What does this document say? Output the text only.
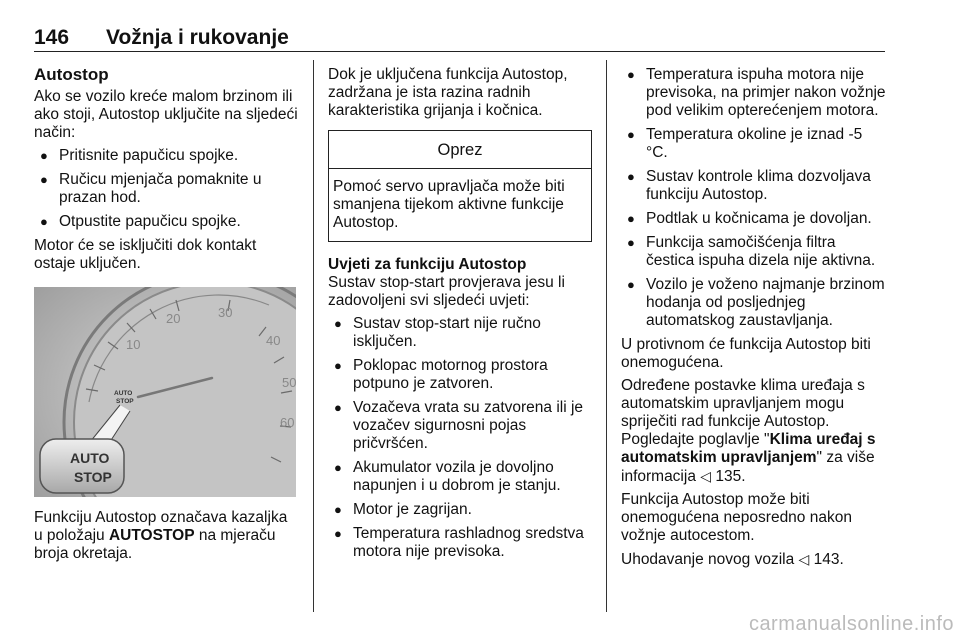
146 Vožnja i rukovanje
Autostop

Ako se vozilo kreće malom brzinom ili ako stoji, Autostop uključite na sljedeći način:

● Pritisnite papučicu spojke.
● Ručicu mjenjača pomaknite u prazan hod.
● Otpustite papučicu spojke.

Motor će se isključiti dok kontakt ostaje uključen.

10
20	30
40
50
60
AUTO
STOP
AUTO
STOP

Funkciju Autostop označava kazaljka u položaju AUTOSTOP na mjeraču broja okretaja.

Dok je uključena funkcija Autostop, zadržana je ista razina radnih karakteristika grijanja i kočnica.

Oprez
Pomoć servo upravljača može biti smanjena tijekom aktivne funkcije Autostop.
Uvjeti za funkciju Autostop

Sustav stop-start provjerava jesu li zadovoljeni svi sljedeći uvjeti:

● Sustav stop-start nije ručno isključen.
● Poklopac motornog prostora potpuno je zatvoren.
● Vozačeva vrata su zatvorena ili je vozačev sigurnosni pojas pričvršćen.
● Akumulator vozila je dovoljno napunjen i u dobrom je stanju.
● Motor je zagrijan.
● Temperatura rashladnog sredstva motora nije previsoka.
● Temperatura ispuha motora nije previsoka, na primjer nakon vožnje pod velikim opterećenjem motora.
● Temperatura okoline je iznad -5 °C.
● Sustav kontrole klima dozvoljava funkciju Autostop.
● Podtlak u kočnicama je dovoljan.
● Funkcija samočišćenja filtra čestica ispuha dizela nije aktivna.
● Vozilo je voženo najmanje brzinom hodanja od posljednjeg automatskog zaustavljanja.

U protivnom će funkcija Autostop biti onemogućena.

Određene postavke klima uređaja s automatskim upravljanjem mogu spriječiti rad funkcije Autostop. Pogledajte poglavlje "Klima uređaj s automatskim upravljanjem" za više informacija ◁ 135.

Funkcija Autostop može biti onemogućena neposredno nakon vožnje autocestom.

Uhodavanje novog vozila ◁ 143.

carmanualsonline.info
